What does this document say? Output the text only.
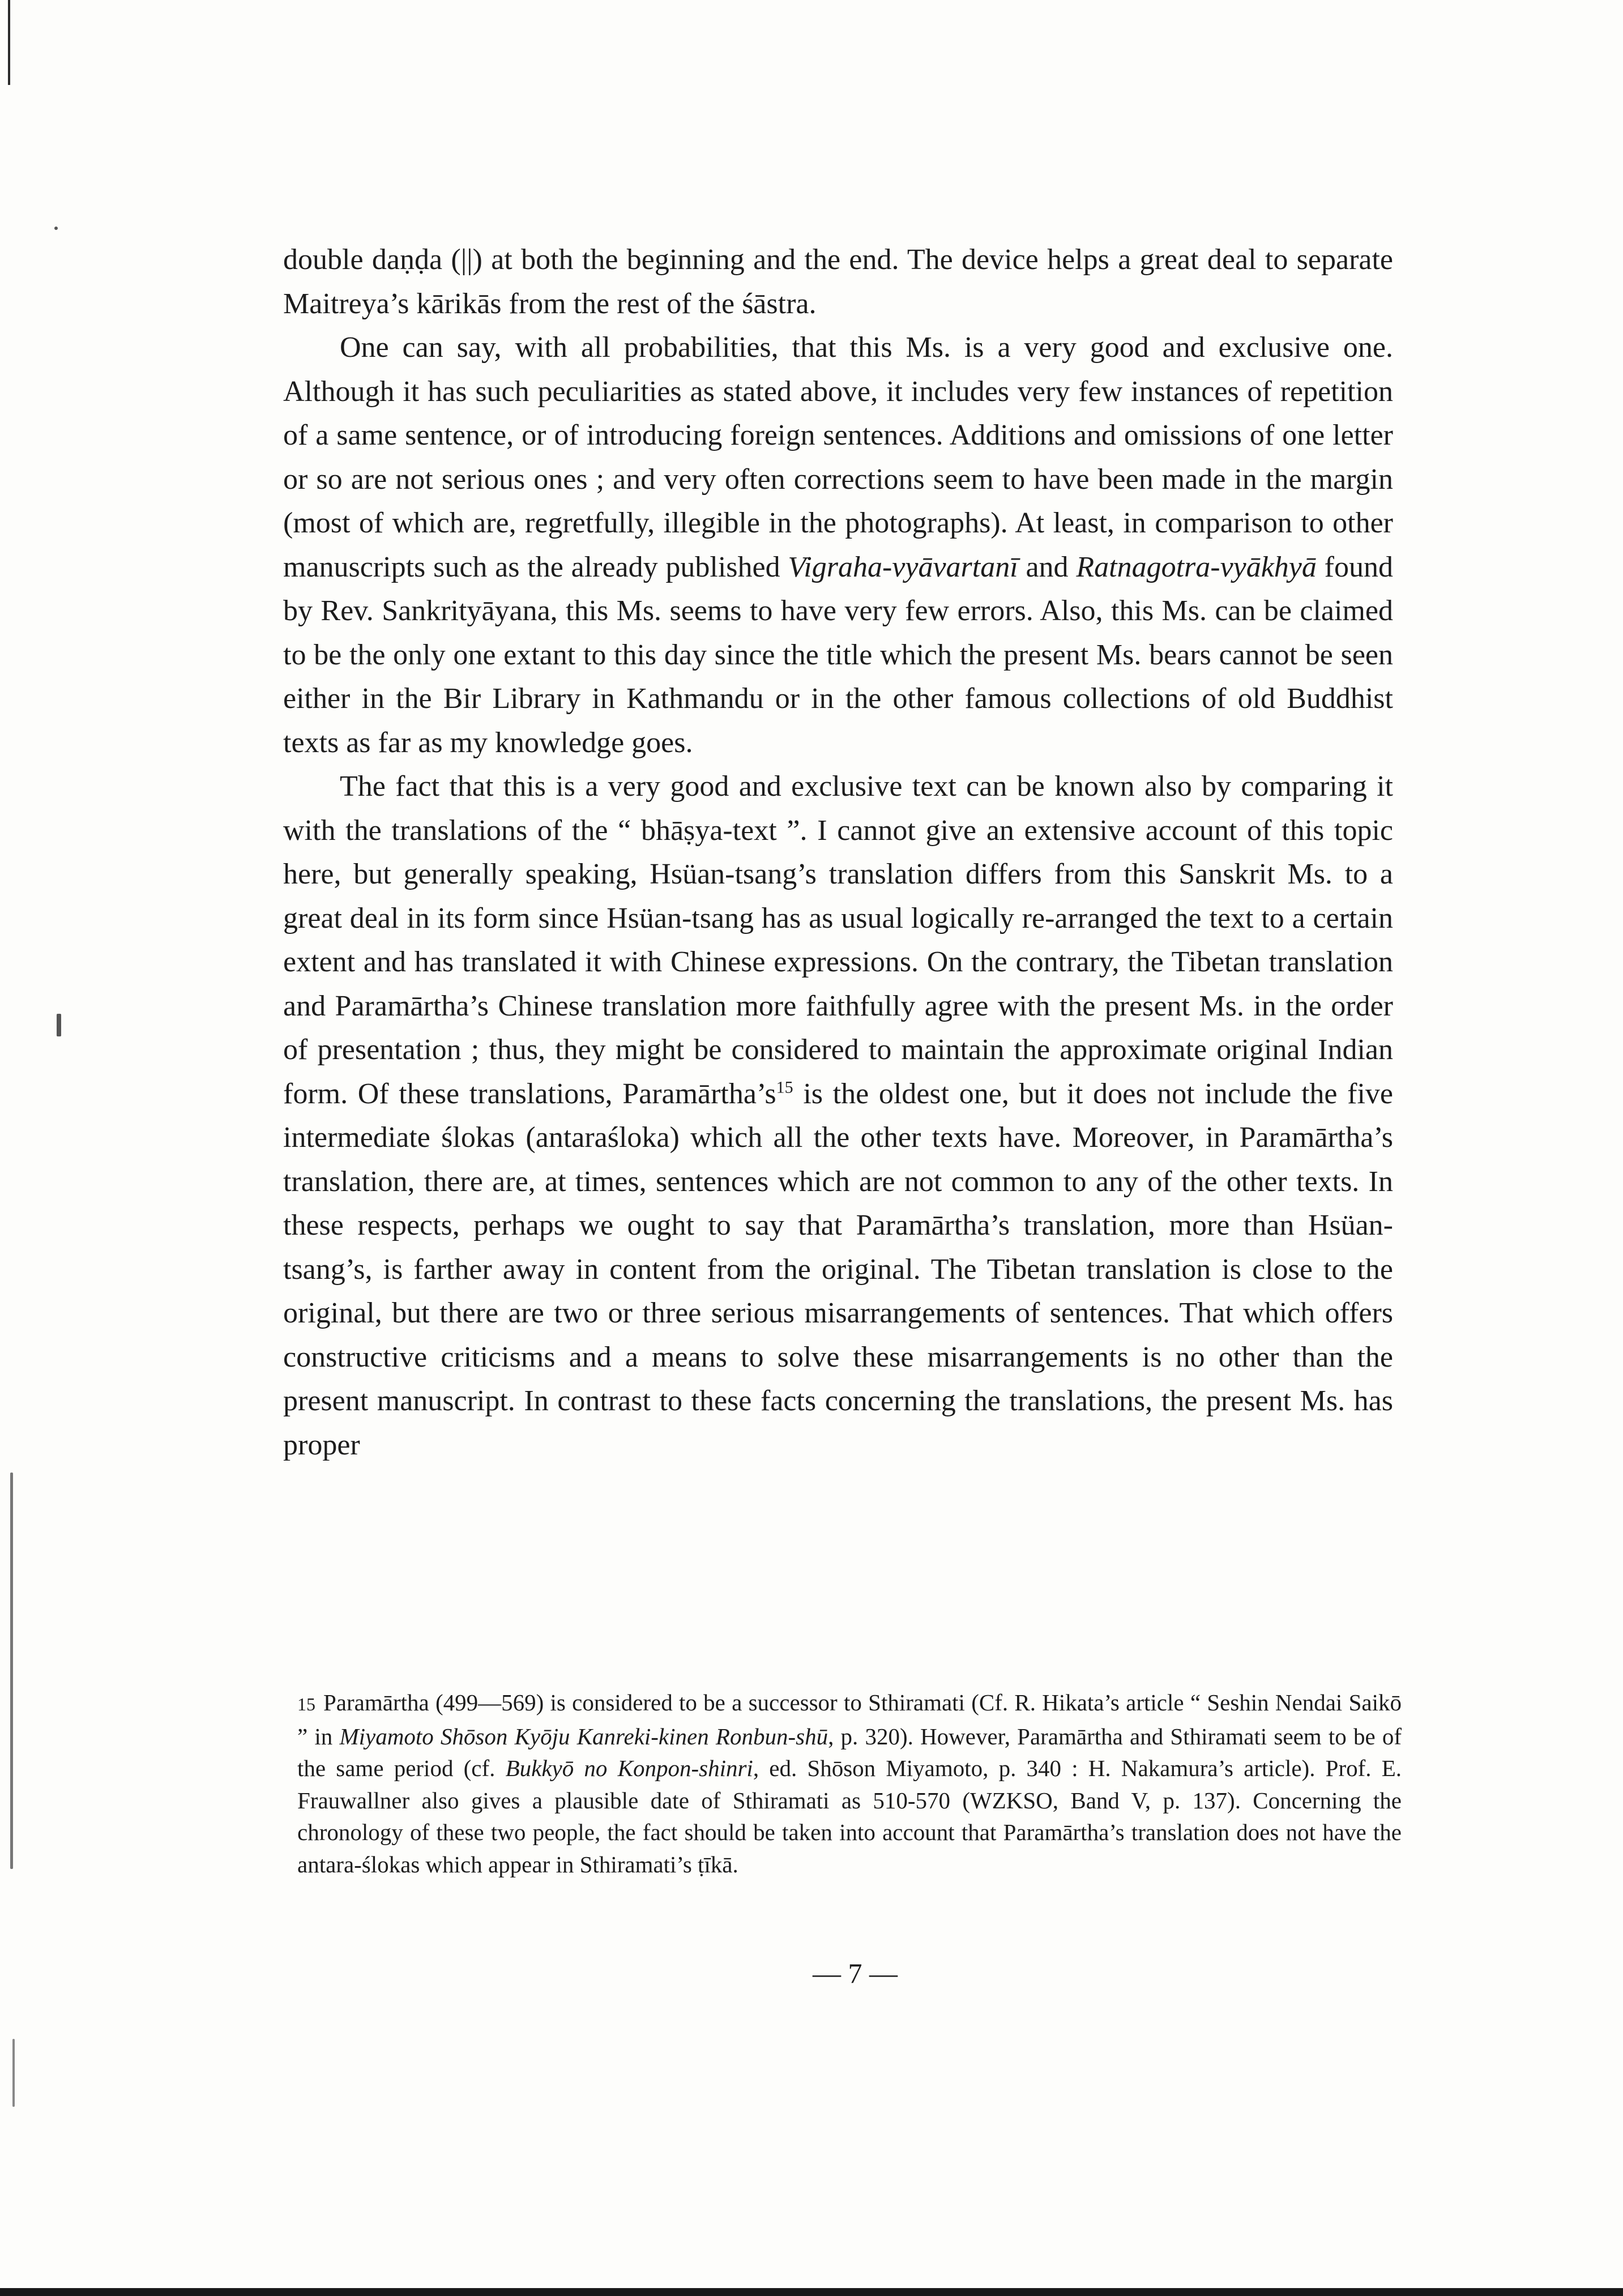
double daṇḍa (||) at both the beginning and the end. The device helps a great deal to separate Maitreya’s kārikās from the rest of the śāstra.

One can say, with all probabilities, that this Ms. is a very good and exclusive one. Although it has such peculiarities as stated above, it includes very few instances of repetition of a same sentence, or of introducing foreign sentences. Additions and omissions of one letter or so are not serious ones ; and very often corrections seem to have been made in the margin (most of which are, regretfully, illegible in the photographs). At least, in comparison to other manuscripts such as the already published Vigraha-vyāvartanī and Ratnagotra-vyākhyā found by Rev. Sankrityāyana, this Ms. seems to have very few errors. Also, this Ms. can be claimed to be the only one extant to this day since the title which the present Ms. bears cannot be seen either in the Bir Library in Kathmandu or in the other famous collections of old Buddhist texts as far as my knowledge goes.

The fact that this is a very good and exclusive text can be known also by comparing it with the translations of the “ bhāṣya-text ”. I cannot give an extensive account of this topic here, but generally speaking, Hsüan-tsang’s translation differs from this Sanskrit Ms. to a great deal in its form since Hsüan-tsang has as usual logically re-arranged the text to a certain extent and has translated it with Chinese expressions. On the contrary, the Tibetan translation and Paramārtha’s Chinese translation more faithfully agree with the present Ms. in the order of presentation ; thus, they might be considered to maintain the approximate original Indian form. Of these translations, $Paramārtha’s^{15}$ is the oldest one, but it does not include the five intermediate ślokas (antaraśloka) which all the other texts have. Moreover, in Paramārtha’s translation, there are, at times, sentences which are not common to any of the other texts. In these respects, perhaps we ought to say that Paramārtha’s translation, more than Hsüan-tsang’s, is farther away in content from the original. The Tibetan translation is close to the original, but there are two or three serious misarrangements of sentences. That which offers constructive criticisms and a means to solve these misarrangements is no other than the present manuscript. In contrast to these facts concerning the translations, the present Ms. has proper

15 Paramārtha (499—569) is considered to be a successor to Sthiramati (Cf. R. Hikata’s article “ Seshin Nendai Saikō ” in Miyamoto Shōson Kyōju Kanreki-kinen Ronbun-shū, p. 320). However, Paramārtha and Sthiramati seem to be of the same period (cf. Bukkyō no Konpon-shinri, ed. Shōson Miyamoto, p. 340 : H. Nakamura’s article). Prof. E. Frauwallner also gives a plausible date of Sthiramati as 510-570 (WZKSO, Band V, p. 137). Concerning the chronology of these two people, the fact should be taken into account that Paramārtha’s translation does not have the antara-ślokas which appear in Sthiramati’s ṭīkā.

— 7 —
